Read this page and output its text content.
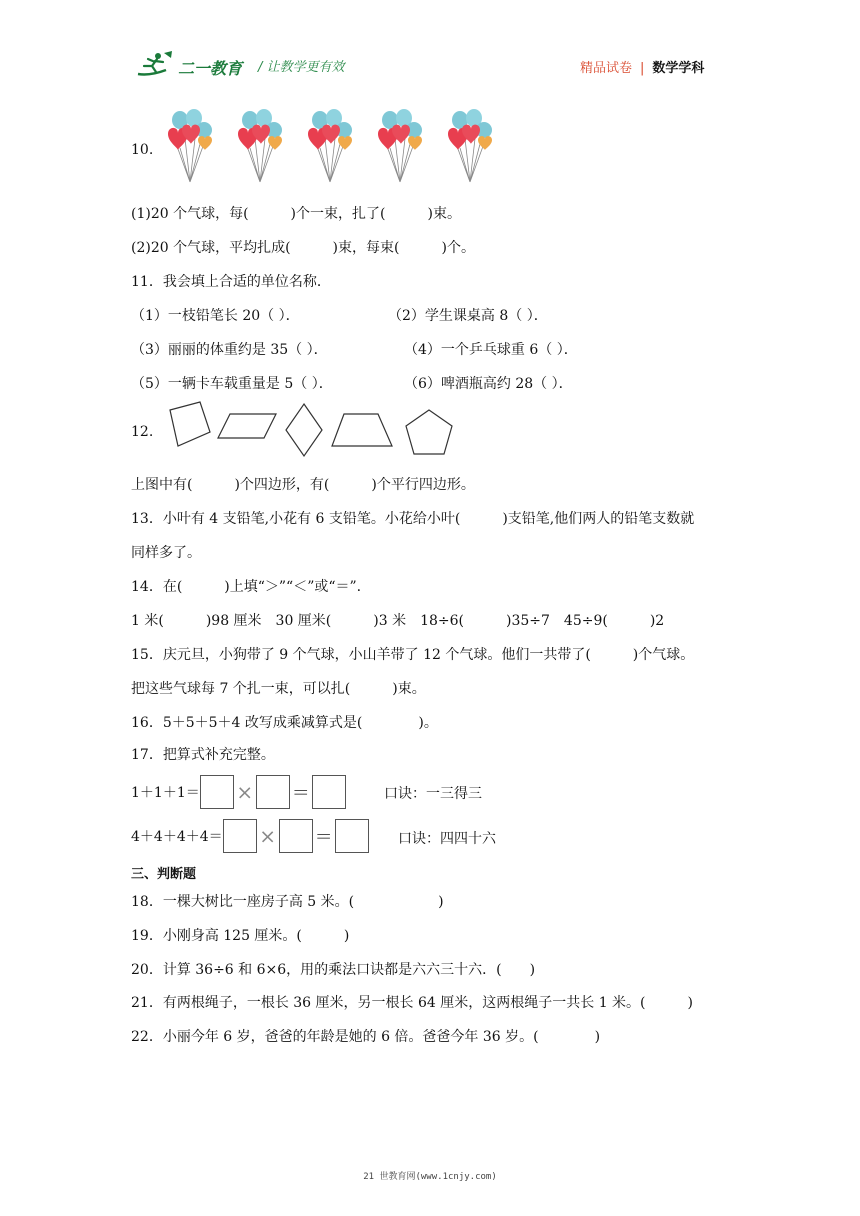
二一教育 / 让教学更有效	精品试卷 | 数学学科
10.
(1)20 个气球，每(　　　)个一束，扎了(　　　)束。
(2)20 个气球，平均扎成(　　　)束，每束(　　　)个。
11．我会填上合适的单位名称．
（1）一枝铅笔长 20（ ）．	（2）学生课桌高 8（ ）．
（3）丽丽的体重约是 35（ ）．	（4）一个乒乓球重 6（ ）．
（5）一辆卡车载重量是 5（ ）．	（6）啤酒瓶高约 28（ ）．
12.
上图中有(　　　)个四边形，有(　　　)个平行四边形。
13．小叶有 4 支铅笔,小花有 6 支铅笔。小花给小叶(　　　)支铅笔,他们两人的铅笔支数就
同样多了。
14．在(　　　)上填“＞”“＜”或“＝”.
1 米(　　　)98 厘米　30 厘米(　　　)3 米　18÷6(　　　)35÷7　45÷9(　　　)2
15．庆元旦，小狗带了 9 个气球，小山羊带了 12 个气球。他们一共带了(　　　)个气球。
把这些气球每 7 个扎一束，可以扎(　　　)束。
16．5＋5＋5＋4 改写成乘减算式是(　　　　)。
17．把算式补充完整。
1＋1＋1＝ × ＝	口诀：一三得三
4＋4＋4＋4＝ × ＝	口诀：四四十六
三、判断题
18．一棵大树比一座房子高 5 米。(　　　　　　)
19．小刚身高 125 厘米。(　　　)
20．计算 36÷6 和 6×6，用的乘法口诀都是六六三十六．(　　)
21．有两根绳子，一根长 36 厘米，另一根长 64 厘米，这两根绳子一共长 1 米。(　　　)
22．小丽今年 6 岁，爸爸的年龄是她的 6 倍。爸爸今年 36 岁。(　　　　)
21 世教育网(www.1cnjy.com)
